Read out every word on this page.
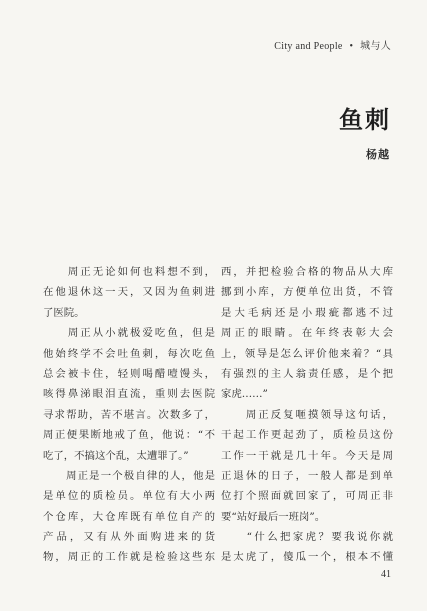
City and People • 城与人
鱼刺
杨越
　　周正无论如何也料想不到，
在他退休这一天，又因为鱼刺进
了医院。
　　周正从小就极爱吃鱼，但是
他始终学不会吐鱼刺，每次吃鱼
总会被卡住，轻则喝醋噎馒头，
咳得鼻涕眼泪直流，重则去医院
寻求帮助，苦不堪言。次数多了，
周正便果断地戒了鱼，他说：“不
吃了，不搞这个乱，太遭罪了。”
　　周正是一个极自律的人，他是
是单位的质检员。单位有大小两
个仓库，大仓库既有单位自产的
产品，又有从外面购进来的货
物，周正的工作就是检验这些东
西，并把检验合格的物品从大库
挪到小库，方便单位出货，不管
是大毛病还是小瑕疵都逃不过
周正的眼睛。在年终表彰大会
上，领导是怎么评价他来着？“具
有强烈的主人翁责任感，是个把
家虎……”
　　周正反复咂摸领导这句话，
干起工作更起劲了，质检员这份
工作一干就是几十年。今天是周
正退休的日子，一般人都是到单
位打个照面就回家了，可周正非
要“站好最后一班岗”。
　　“什么把家虎？要我说你就
是太虎了，傻瓜一个，根本不懂
41
